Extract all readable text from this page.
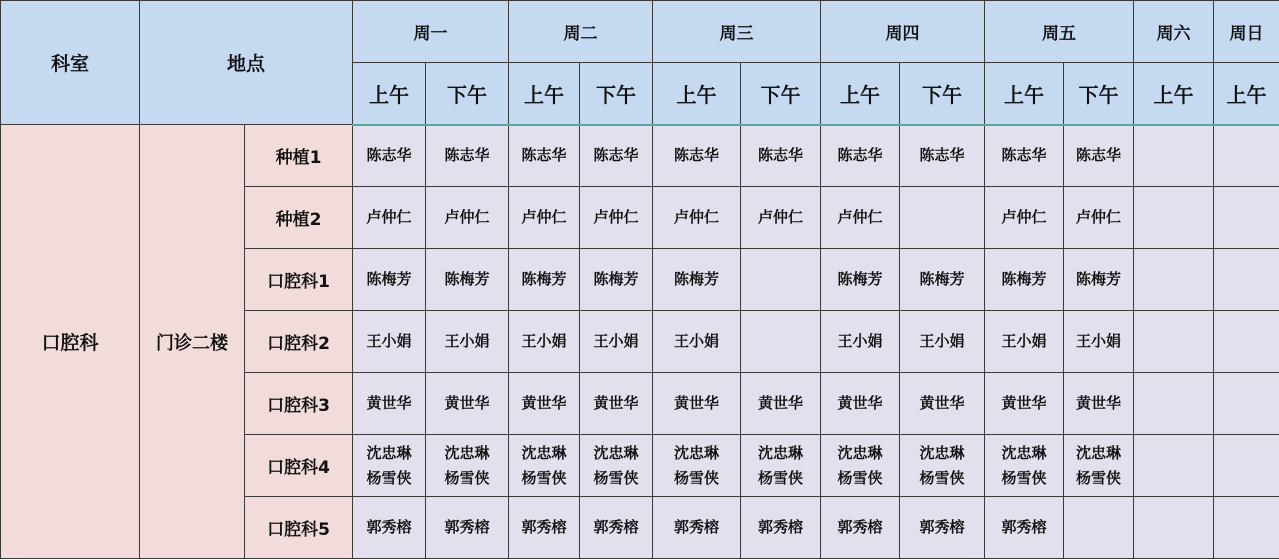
科室	地点		周一		周二		周三		周四		周五		周六	周日
			上午	下午	上午	下午	上午	下午	上午	下午	上午	下午	上午	上午
口腔科	门诊二楼	种植1	陈志华	陈志华	陈志华	陈志华	陈志华	陈志华	陈志华	陈志华	陈志华	陈志华		

		种植2	卢仲仁	卢仲仁	卢仲仁	卢仲仁	卢仲仁	卢仲仁	卢仲仁		卢仲仁	卢仲仁		

		口腔科1	陈梅芳	陈梅芳	陈梅芳	陈梅芳	陈梅芳		陈梅芳	陈梅芳	陈梅芳	陈梅芳		

		口腔科2	王小娟	王小娟	王小娟	王小娟	王小娟		王小娟	王小娟	王小娟	王小娟		

		口腔科3	黄世华	黄世华	黄世华	黄世华	黄世华	黄世华	黄世华	黄世华	黄世华	黄世华		

		口腔科4	沈忠琳
杨雪侠	沈忠琳
杨雪侠	沈忠琳
杨雪侠	沈忠琳
杨雪侠	沈忠琳
杨雪侠	沈忠琳
杨雪侠	沈忠琳
杨雪侠	沈忠琳
杨雪侠	沈忠琳
杨雪侠	沈忠琳
杨雪侠		

		口腔科5	郭秀榕	郭秀榕	郭秀榕	郭秀榕	郭秀榕	郭秀榕	郭秀榕	郭秀榕	郭秀榕			
